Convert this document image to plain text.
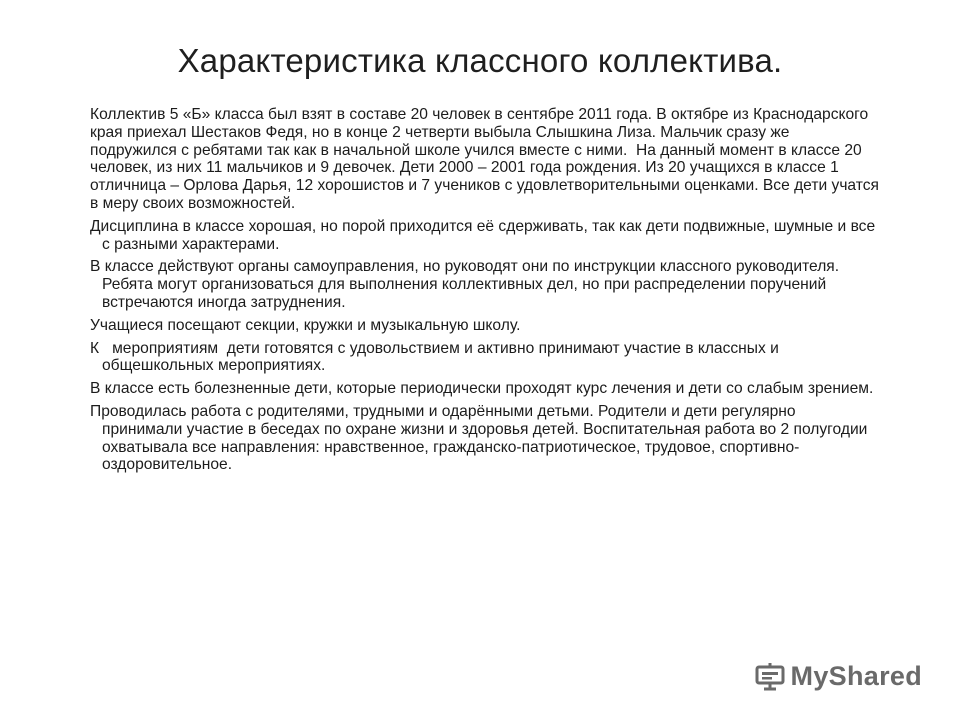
Характеристика классного коллектива.

Коллектив 5 «Б» класса был взят в составе 20 человек в сентябре 2011 года. В октябре из Краснодарского края приехал Шестаков Федя, но в конце 2 четверти выбыла Слышкина Лиза. Мальчик сразу же подружился с ребятами так как в начальной школе учился вместе с ними.  На данный момент в классе 20 человек, из них 11 мальчиков и 9 девочек. Дети 2000 – 2001 года рождения. Из 20 учащихся в классе 1 отличница – Орлова Дарья, 12 хорошистов и 7 учеников с удовлетворительными оценками. Все дети учатся в меру своих возможностей.

Дисциплина в классе хорошая, но порой приходится её сдерживать, так как дети подвижные, шумные и все с разными характерами.

В классе действуют органы самоуправления, но руководят они по инструкции классного руководителя. Ребята могут организоваться для выполнения коллективных дел, но при распределении поручений встречаются иногда затруднения.

Учащиеся посещают секции, кружки и музыкальную школу.

К   мероприятиям  дети готовятся с удовольствием и активно принимают участие в классных и общешкольных мероприятиях.

В классе есть болезненные дети, которые периодически проходят курс лечения и дети со слабым зрением.

Проводилась работа с родителями, трудными и одарёнными детьми. Родители и дети регулярно принимали участие в беседах по охране жизни и здоровья детей. Воспитательная работа во 2 полугодии охватывала все направления: нравственное, гражданско-патриотическое, трудовое, спортивно-оздоровительное.

MyShared
